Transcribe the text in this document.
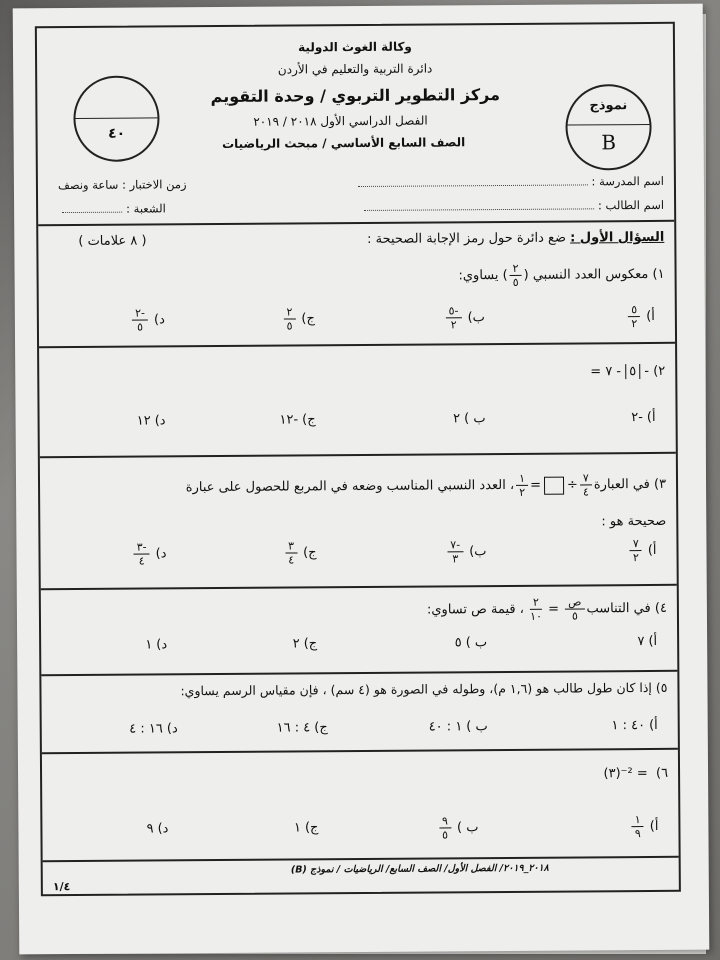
وكالة الغوث الدولية
دائرة التربية والتعليم في الأردن
مركز التطوير التربوي / وحدة التقويم
الفصل الدراسي الأول ٢٠١٨ / ٢٠١٩
الصف السابع الأساسي / مبحث الرياضيات
نموذج
B
٤٠
اسم المدرسة :
اسم الطالب :
زمن الاختبار : ساعة ونصف
الشعبة :
السؤال الأول : ضع دائرة حول رمز الإجابة الصحيحة :
( ٨ علامات )
١)

معكوس العدد النسبي (
$\frac{٢}{٥}$
) يساوي:
أ)
$\frac{٥}{٢}$
ب)
$\frac{-٥}{٢}$
ج)
$\frac{٢}{٥}$
د)
$\frac{-٢}{٥}$
٢) - ٥ - ٧ =
أ)
-٢
ب )
٢
ج)
-١٢
د)
١٢
٣)

في العبارة
$\frac{٧}{٤}$
÷
=
$\frac{١}{٢}$
، العدد النسبي المناسب وضعه في المربع للحصول على عبارة
صحيحة هو :
أ)
$\frac{٧}{٢}$
ب)
$\frac{-٧}{٣}$
ج)
$\frac{٣}{٤}$
د)
$\frac{-٣}{٤}$
٤)

في التناسب
$\frac{\text{ص}}{٥}$

=

$\frac{٢}{١٠}$

، قيمة ص تساوي:
أ)
٧
ب )
٥
ج)
٢
د)
١
٥) إذا كان طول طالب هو (١,٦ م)، وطوله في الصورة هو (٤ سم) ، فإن مقياس الرسم يساوي:
أ)
٤٠ : ١
ب )
١ : ٤٠
ج)
٤ : ١٦
د)
١٦ : ٤
٦)  (٣)⁻² =
أ)
$\frac{١}{٩}$
ب )
$\frac{٩}{٥}$
ج)
١
د)
٩
٢٠١٨_٢٠١٩/ الفصل الأول/ الصف السابع/ الرياضيات / نموذج (B)
١/٤
